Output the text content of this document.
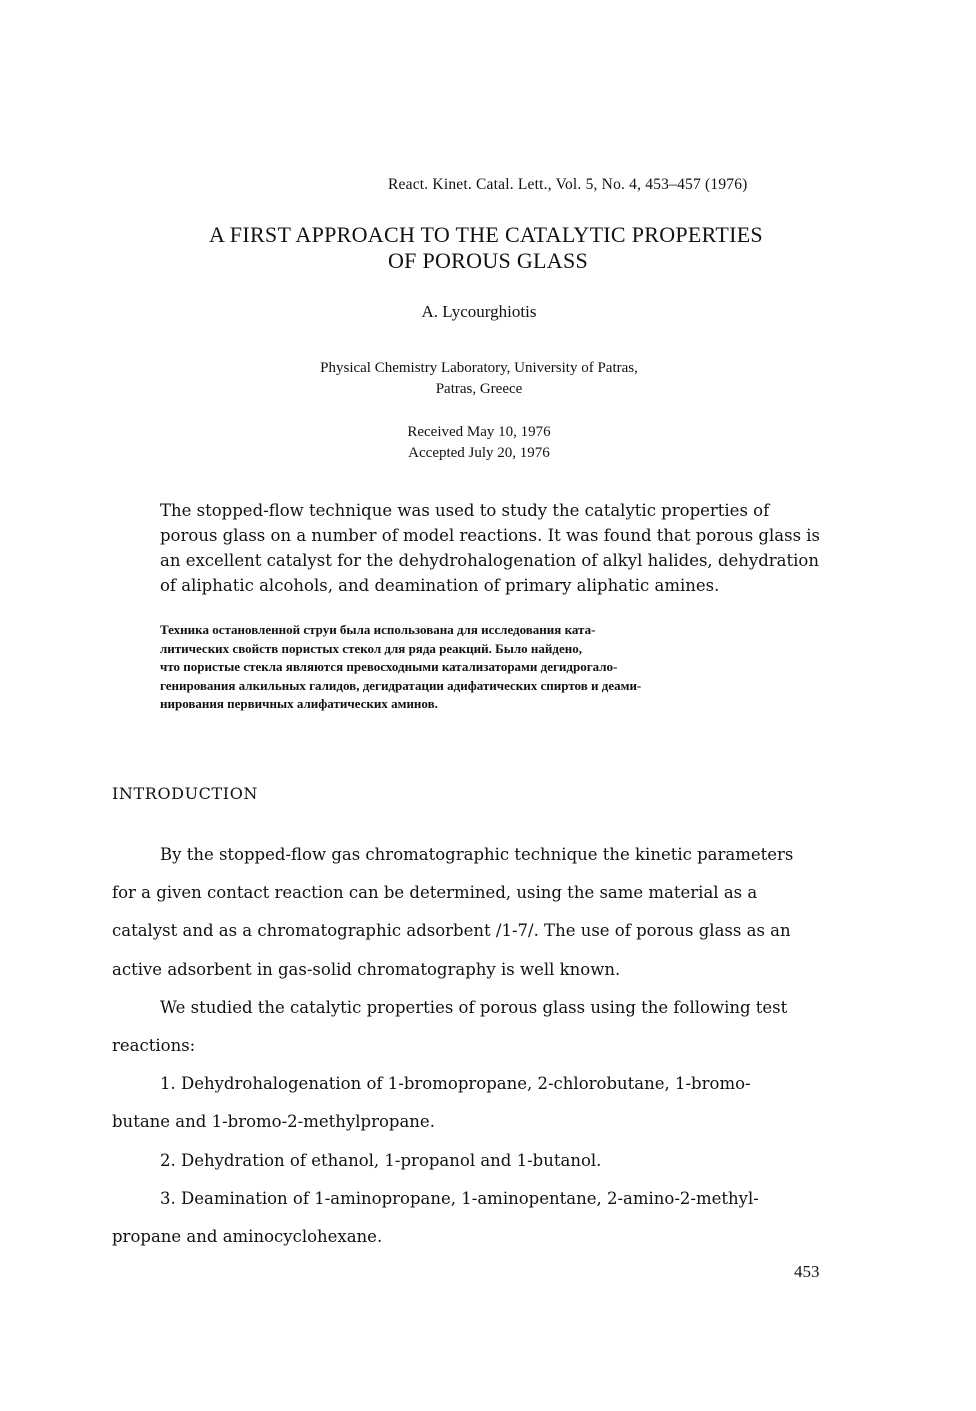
React. Kinet. Catal. Lett., Vol. 5, No. 4, 453–457 (1976)

A FIRST APPROACH TO THE CATALYTIC PROPERTIES
OF POROUS GLASS

A. Lycourghiotis

Physical Chemistry Laboratory, University of Patras,
Patras, Greece
Received May 10, 1976
Accepted July 20, 1976
The stopped-flow technique was used to study the catalytic properties of
porous glass on a number of model reactions. It was found that porous glass is
an excellent catalyst for the dehydrohalogenation of alkyl halides, dehydration
of aliphatic alcohols, and deamination of primary aliphatic amines.
Техника остановленной струи была использована для исследования ката-
литических свойств пористых стекол для ряда реакций. Было найдено,
что пористые стекла являются превосходными катализаторами дегидрогало-
генирования алкильных галидов, дегидратации адифатических спиртов и деами-
нирования первичных алифатических аминов.

INTRODUCTION

By the stopped-flow gas chromatographic technique the kinetic parameters
for a given contact reaction can be determined, using the same material as a
catalyst and as a chromatographic adsorbent /1-7/. The use of porous glass as an
active adsorbent in gas-solid chromatography is well known.
We studied the catalytic properties of porous glass using the following test
reactions:
1. Dehydrohalogenation of 1-bromopropane, 2-chlorobutane, 1-bromo-
butane and 1-bromo-2-methylpropane.
2. Dehydration of ethanol, 1-propanol and 1-butanol.
3. Deamination of 1-aminopropane, 1-aminopentane, 2-amino-2-methyl-
propane and aminocyclohexane.

453
